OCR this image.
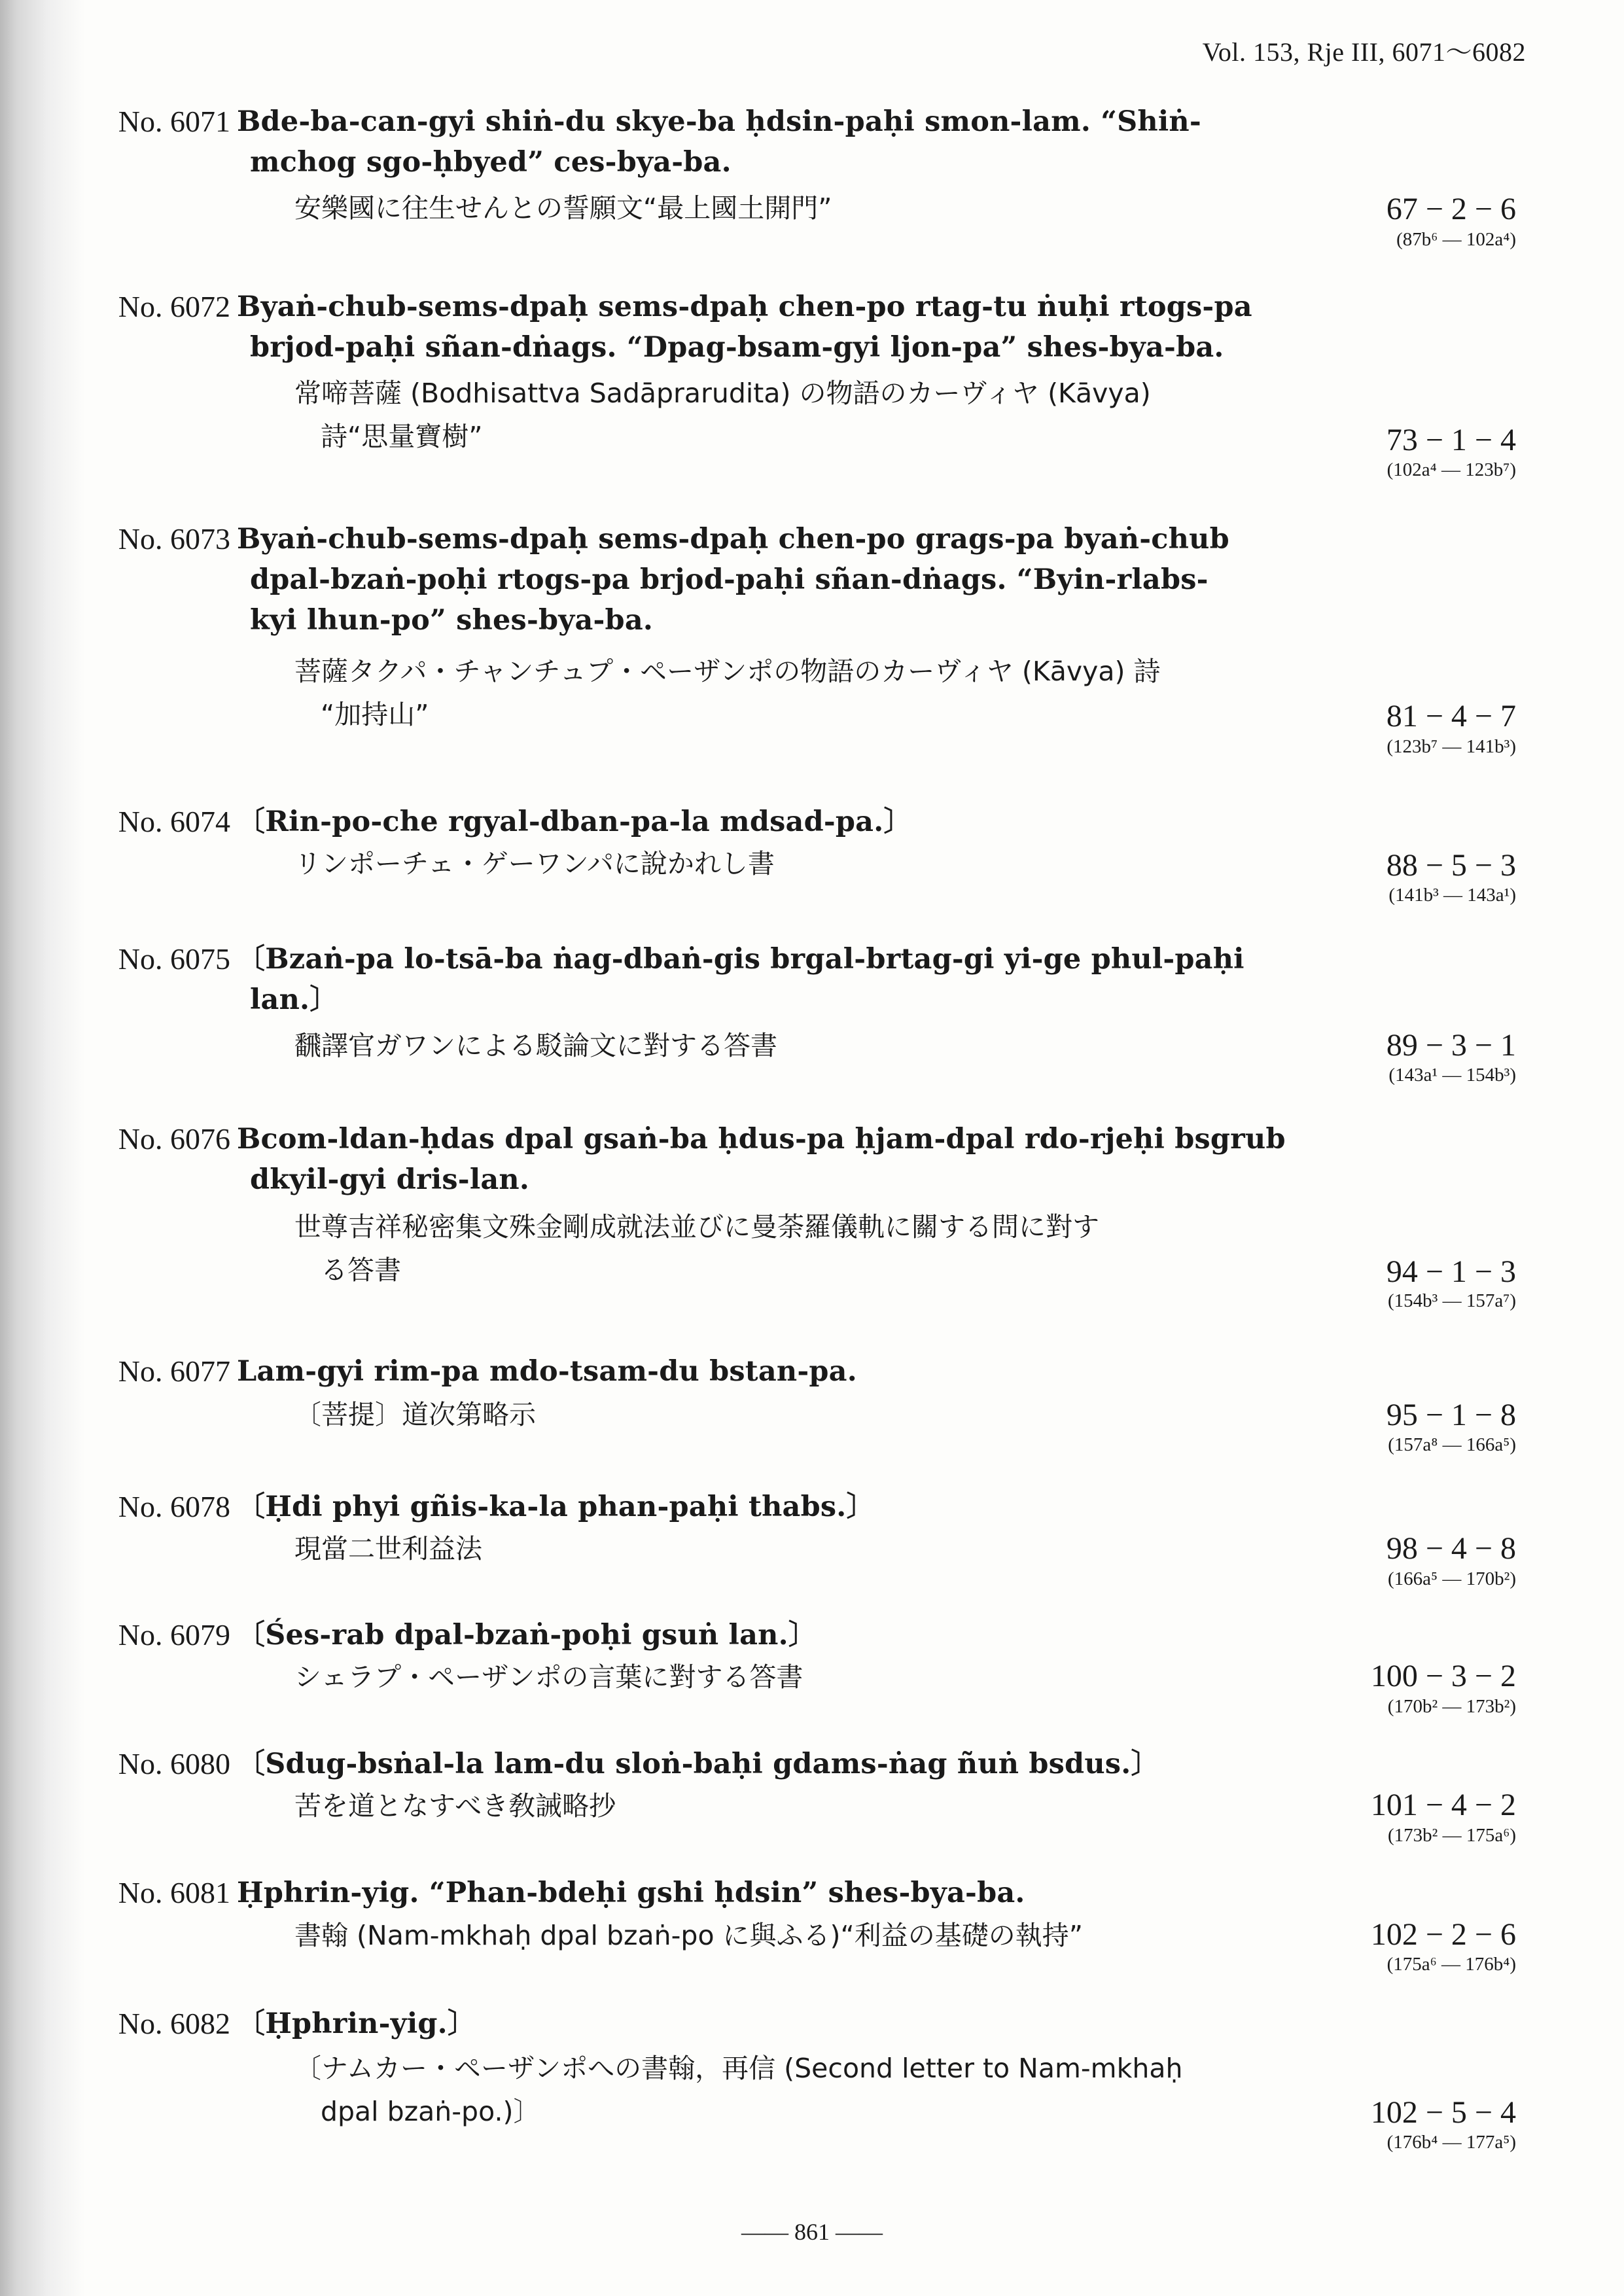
Vol. 153, Rje III, 6071〜6082
No. 6071 Bde-ba-can-gyi shiṅ-du skye-ba ḥdsin-paḥi smon-lam. “Shiṅ-
mchog sgo-ḥbyed” ces-bya-ba.
安樂國に往生せんとの誓願文“最上國土開門”	67 − 2 − 6
(87b⁶ — 102a⁴)
No. 6072 Byaṅ-chub-sems-dpaḥ sems-dpaḥ chen-po rtag-tu ṅuḥi rtogs-pa
brjod-paḥi sñan-dṅags. “Dpag-bsam-gyi ljon-pa” shes-bya-ba.
常啼菩薩 (Bodhisattva Sadāprarudita) の物語のカーヴィヤ (Kāvya)
詩“思量寶樹”	73 − 1 − 4
(102a⁴ — 123b⁷)
No. 6073 Byaṅ-chub-sems-dpaḥ sems-dpaḥ chen-po grags-pa byaṅ-chub
dpal-bzaṅ-poḥi rtogs-pa brjod-paḥi sñan-dṅags. “Byin-rlabs-
kyi lhun-po” shes-bya-ba.
菩薩タクパ・チャンチュプ・ペーザンポの物語のカーヴィヤ (Kāvya) 詩
“加持山”	81 − 4 − 7
(123b⁷ — 141b³)
No. 6074 〔Rin-po-che rgyal-dban-pa-la mdsad-pa.〕
リンポーチェ・ゲーワンパに說かれし書	88 − 5 − 3
(141b³ — 143a¹)
No. 6075 〔Bzaṅ-pa lo-tsā-ba ṅag-dbaṅ-gis brgal-brtag-gi yi-ge phul-paḥi
lan.〕
飜譯官ガワンによる駁論文に對する答書	89 − 3 − 1
(143a¹ — 154b³)
No. 6076 Bcom-ldan-ḥdas dpal gsaṅ-ba ḥdus-pa ḥjam-dpal rdo-rjeḥi bsgrub
dkyil-gyi dris-lan.
世尊吉祥秘密集文殊金剛成就法並びに曼荼羅儀軌に關する問に對す
る答書	94 − 1 − 3
(154b³ — 157a⁷)
No. 6077 Lam-gyi rim-pa mdo-tsam-du bstan-pa.
〔菩提〕道次第略示	95 − 1 − 8
(157a⁸ — 166a⁵)
No. 6078 〔Ḥdi phyi gñis-ka-la phan-paḥi thabs.〕
現當二世利益法	98 − 4 − 8
(166a⁵ — 170b²)
No. 6079 〔Śes-rab dpal-bzaṅ-poḥi gsuṅ lan.〕
シェラプ・ペーザンポの言葉に對する答書	100 − 3 − 2
(170b² — 173b²)
No. 6080 〔Sdug-bsṅal-la lam-du sloṅ-baḥi gdams-ṅag ñuṅ bsdus.〕
苦を道となすべき敎誡略抄	101 − 4 − 2
(173b² — 175a⁶)
No. 6081 Ḥphrin-yig. “Phan-bdeḥi gshi ḥdsin” shes-bya-ba.
書翰 (Nam-mkhaḥ dpal bzaṅ-po に與ふる)“利益の基礎の執持”	102 − 2 − 6
(175a⁶ — 176b⁴)
No. 6082 〔Ḥphrin-yig.〕
〔ナムカー・ペーザンポへの書翰，再信 (Second letter to Nam-mkhaḥ
dpal bzaṅ-po.)〕	102 − 5 − 4
(176b⁴ — 177a⁵)
—— 861 ——
